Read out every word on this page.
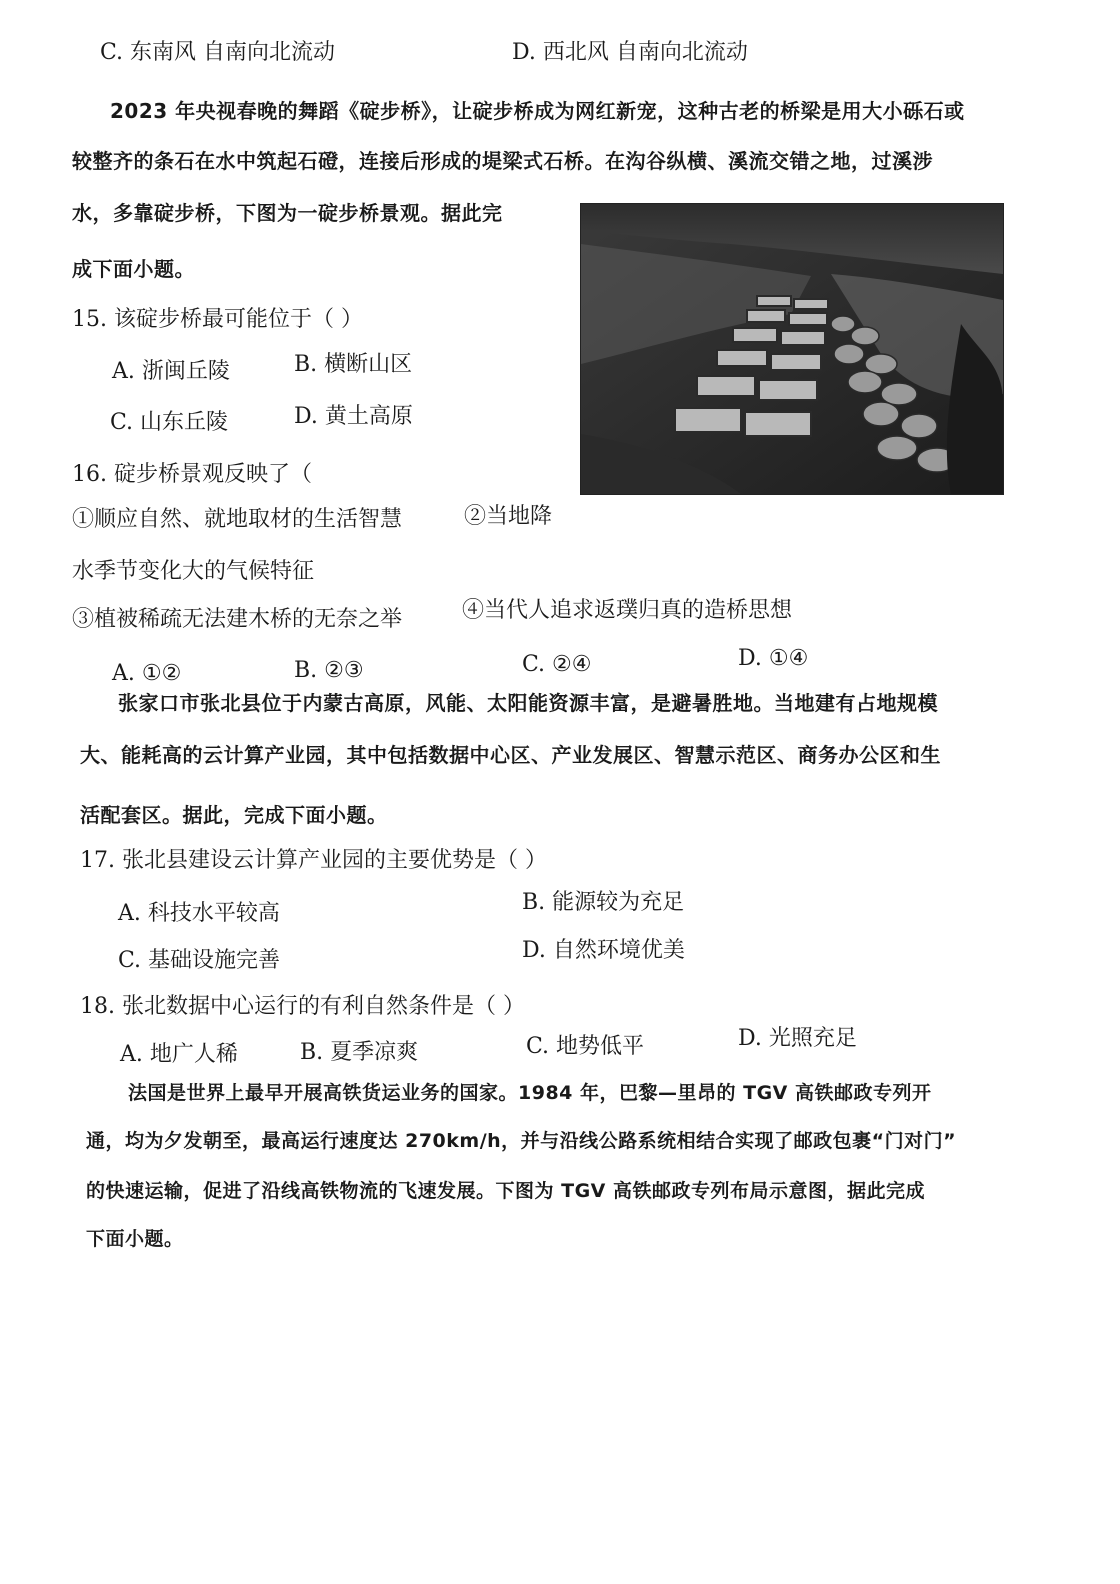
C. 东南风 自南向北流动	D. 西北风 自南向北流动
2023 年央视春晚的舞蹈《碇步桥》，让碇步桥成为网红新宠，这种古老的桥梁是用大小砾石或
较整齐的条石在水中筑起石磴，连接后形成的堤梁式石桥。在沟谷纵横、溪流交错之地，过溪涉
水，多靠碇步桥，下图为一碇步桥景观。据此完
成下面小题。
15. 该碇步桥最可能位于（ ）
A. 浙闽丘陵	B. 横断山区
C. 山东丘陵	D. 黄土高原
16. 碇步桥景观反映了（
①顺应自然、就地取材的生活智慧	②当地降
水季节变化大的气候特征
③植被稀疏无法建木桥的无奈之举	④当代人追求返璞归真的造桥思想
A. ①②	B. ②③	C. ②④	D. ①④
张家口市张北县位于内蒙古高原，风能、太阳能资源丰富，是避暑胜地。当地建有占地规模
大、能耗高的云计算产业园，其中包括数据中心区、产业发展区、智慧示范区、商务办公区和生
活配套区。据此，完成下面小题。
17. 张北县建设云计算产业园的主要优势是（ ）
A. 科技水平较高	B. 能源较为充足
C. 基础设施完善	D. 自然环境优美
18. 张北数据中心运行的有利自然条件是（ ）
A. 地广人稀	B. 夏季凉爽	C. 地势低平	D. 光照充足
法国是世界上最早开展高铁货运业务的国家。1984 年，巴黎—里昂的 TGV 高铁邮政专列开
通，均为夕发朝至，最高运行速度达 270km/h，并与沿线公路系统相结合实现了邮政包裹“门对门”
的快速运输，促进了沿线高铁物流的飞速发展。下图为 TGV 高铁邮政专列布局示意图，据此完成
下面小题。
